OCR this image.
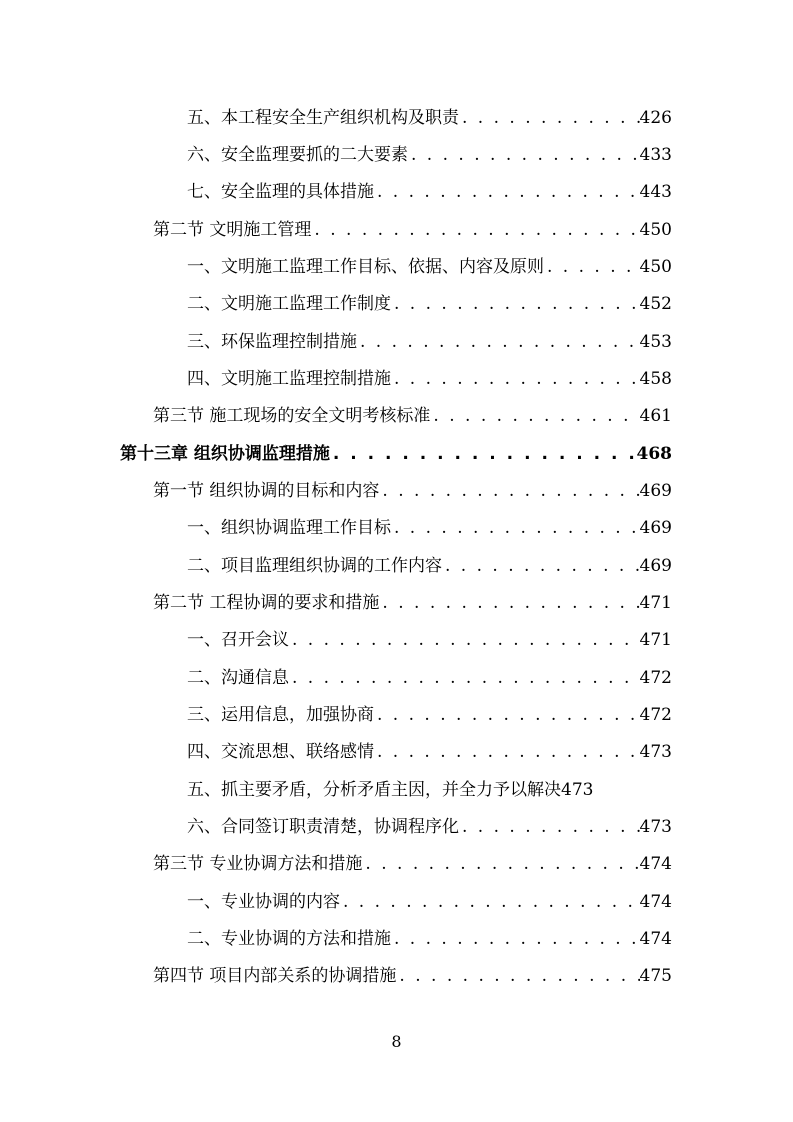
五、本工程安全生产组织机构及职责 . . .	426
六、安全监理要抓的二大要素 . . .	433
七、安全监理的具体措施 . . .	443
第二节 文明施工管理 . . .	450
一、文明施工监理工作目标、依据、内容及原则 . . .	450
二、文明施工监理工作制度 . . .	452
三、环保监理控制措施 . . .	453
四、文明施工监理控制措施 . . .	458
第三节 施工现场的安全文明考核标准 . . .	461
第十三章 组织协调监理措施 . . .	468
第一节 组织协调的目标和内容 . . .	469
一、组织协调监理工作目标 . . .	469
二、项目监理组织协调的工作内容 . . .	469
第二节 工程协调的要求和措施 . . .	471
一、召开会议 . . .	471
二、沟通信息 . . .	472
三、运用信息，加强协商 . . .	472
四、交流思想、联络感情 . . .	473
五、抓主要矛盾，分析矛盾主因，并全力予以解决 473
六、合同签订职责清楚，协调程序化 . . .	473
第三节 专业协调方法和措施 . . .	474
一、专业协调的内容 . . .	474
二、专业协调的方法和措施 . . .	474
第四节 项目内部关系的协调措施 . . .	475
8
